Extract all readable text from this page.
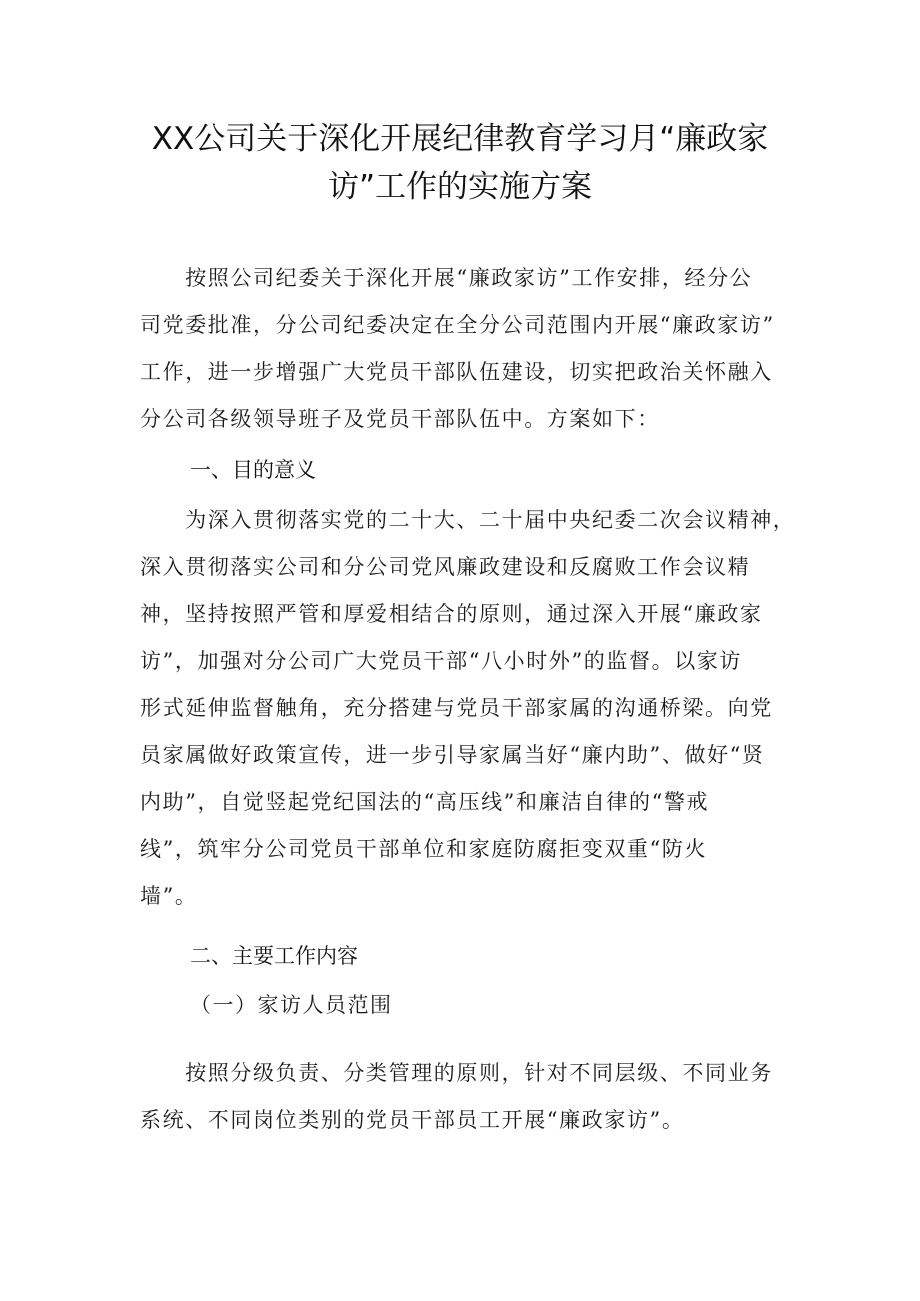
XX公司关于深化开展纪律教育学习月“廉政家
访”工作的实施方案
　　按照公司纪委关于深化开展“廉政家访”工作安排，经分公
司党委批准，分公司纪委决定在全分公司范围内开展“廉政家访”
工作，进一步增强广大党员干部队伍建设，切实把政治关怀融入
分公司各级领导班子及党员干部队伍中。方案如下：
一、目的意义
　　为深入贯彻落实党的二十大、二十届中央纪委二次会议精神，
深入贯彻落实公司和分公司党风廉政建设和反腐败工作会议精
神，坚持按照严管和厚爱相结合的原则，通过深入开展“廉政家
访”，加强对分公司广大党员干部“八小时外”的监督。以家访
形式延伸监督触角，充分搭建与党员干部家属的沟通桥梁。向党
员家属做好政策宣传，进一步引导家属当好“廉内助”、做好“贤
内助”，自觉竖起党纪国法的“高压线”和廉洁自律的“警戒
线”，筑牢分公司党员干部单位和家庭防腐拒变双重“防火
墙”。
二、主要工作内容
（一）家访人员范围
　　按照分级负责、分类管理的原则，针对不同层级、不同业务
系统、不同岗位类别的党员干部员工开展“廉政家访”。
